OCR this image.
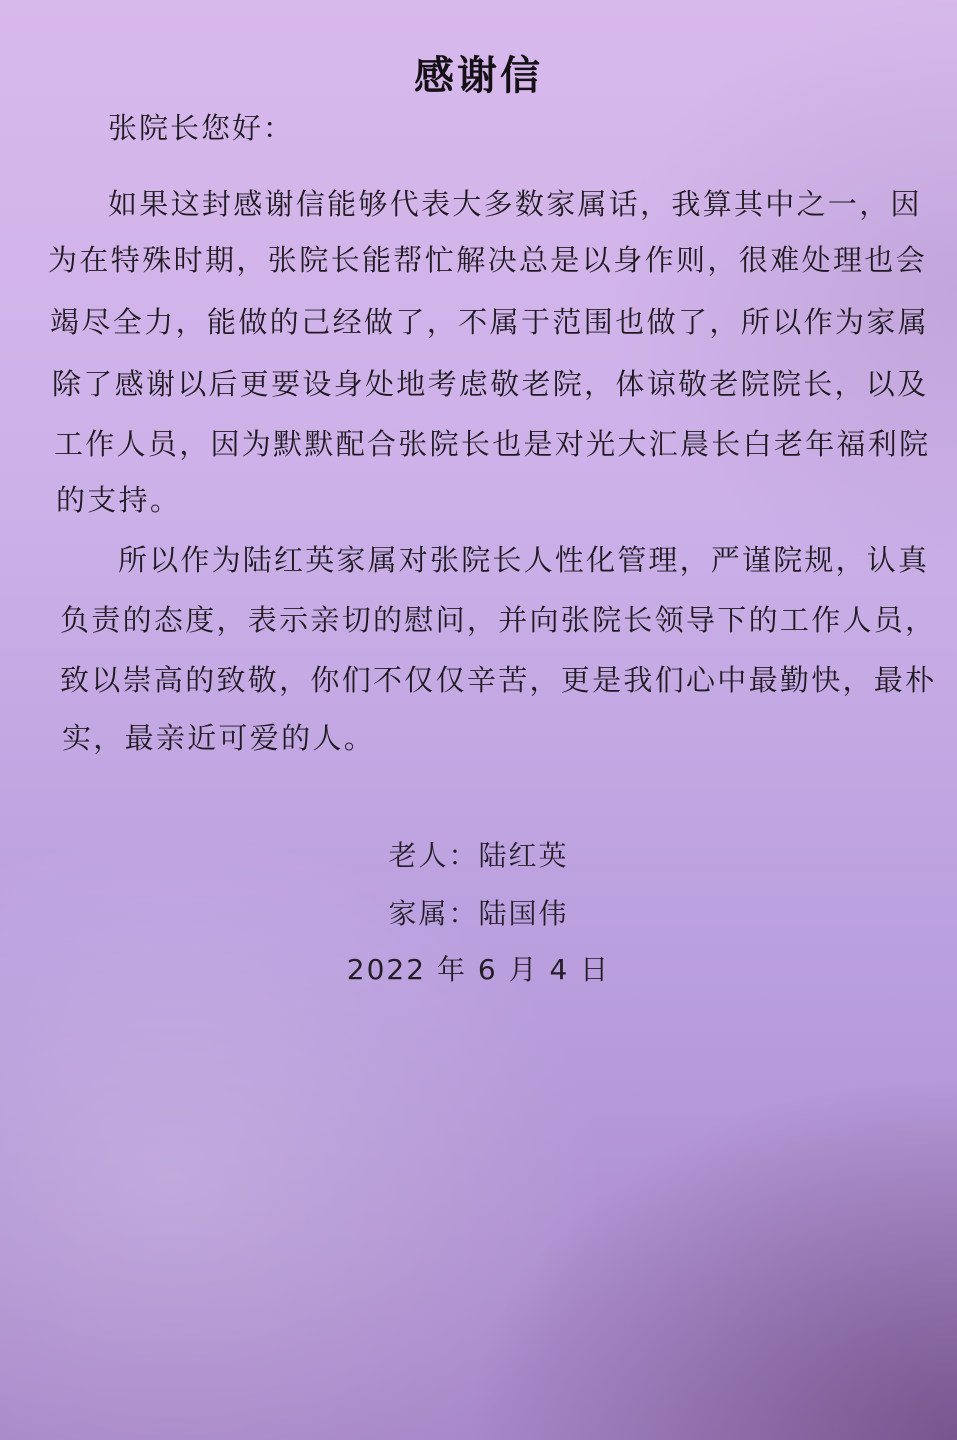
感谢信
张院长您好：
如果这封感谢信能够代表大多数家属话，我算其中之一，因
为在特殊时期，张院长能帮忙解决总是以身作则，很难处理也会
竭尽全力，能做的己经做了，不属于范围也做了，所以作为家属
除了感谢以后更要设身处地考虑敬老院，体谅敬老院院长，以及
工作人员，因为默默配合张院长也是对光大汇晨长白老年福利院
的支持。
所以作为陆红英家属对张院长人性化管理，严谨院规，认真
负责的态度，表示亲切的慰问，并向张院长领导下的工作人员，
致以崇高的致敬，你们不仅仅辛苦，更是我们心中最勤快，最朴
实，最亲近可爱的人。
老人：陆红英
家属：陆国伟
2022 年 6 月 4 日
